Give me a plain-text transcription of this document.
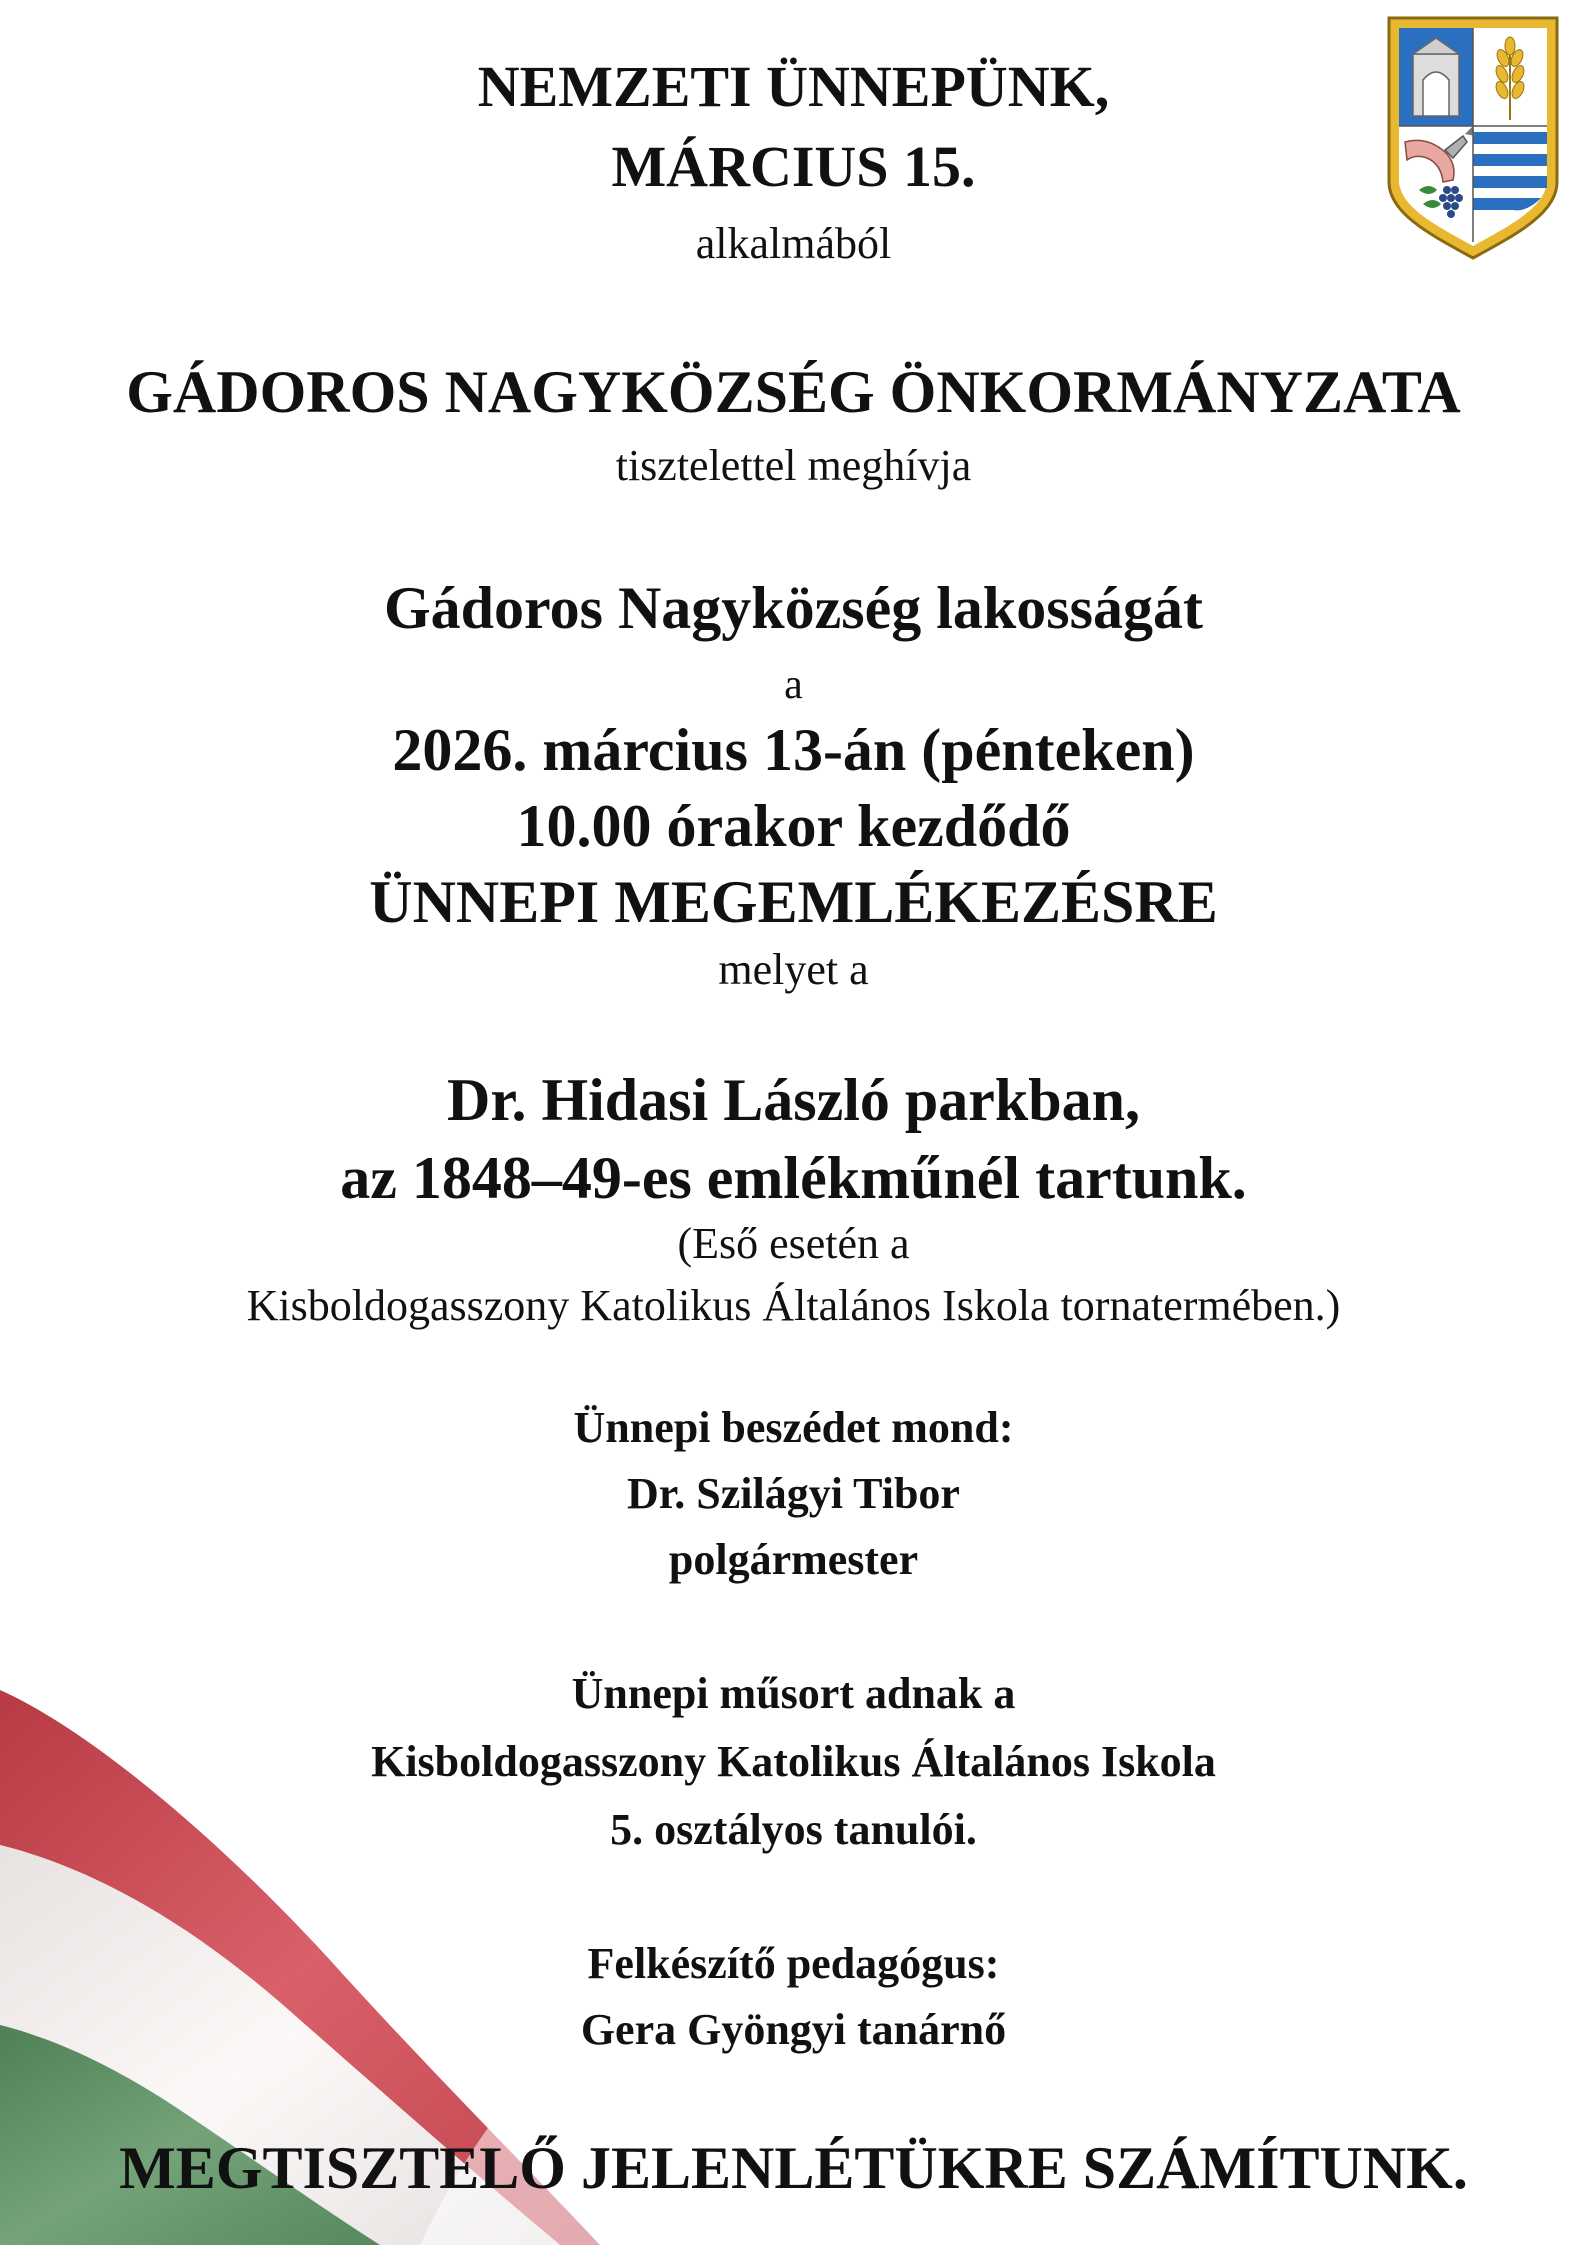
NEMZETI ÜNNEPÜNK,
MÁRCIUS 15.
alkalmából
GÁDOROS NAGYKÖZSÉG ÖNKORMÁNYZATA
tisztelettel meghívja
Gádoros Nagyközség lakosságát
a
2026. március 13-án (pénteken)
10.00 órakor kezdődő
ÜNNEPI MEGEMLÉKEZÉSRE
melyet a
Dr. Hidasi László parkban,
az 1848–49-es emlékműnél tartunk.
(Eső esetén a
Kisboldogasszony Katolikus Általános Iskola tornatermében.)
Ünnepi beszédet mond:
Dr. Szilágyi Tibor
polgármester
Ünnepi műsort adnak a
Kisboldogasszony Katolikus Általános Iskola
5. osztályos tanulói.
Felkészítő pedagógus:
Gera Gyöngyi tanárnő
MEGTISZTELŐ JELENLÉTÜKRE SZÁMÍTUNK.
